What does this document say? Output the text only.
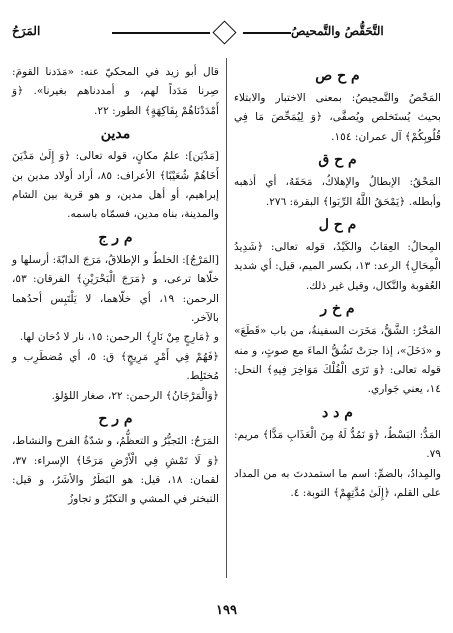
التَّحَقُّصُ والتَّمحيصُ
المَرَحُ
م ح ص

المَحْصُ والتَّمحِيصُ: بمعنى الاختبار والابتلاء بحيث يُستَخلص ويُصفَّى، ﴿وَ لِيُمَحِّصَ مَا فِي قُلُوبِكُمْ﴾ آل عمران: ١٥٤.

م ح ق

المَحْقُ: الإبطالُ والإهلاكُ، مَحَقَهُ، أي أذهبه وأبطله. ﴿يَمْحَقُ اللَّهُ الرِّبَوا﴾ البقرة: ٢٧٦.

م ح ل

المِحالُ: العِقابُ والكَيْدُ، قوله تعالى: ﴿شَدِيدُ الْمِحَالِ﴾ الرعد: ١٣، بكسر الميم، قيل: أي شديد العُقوبة والنَّكال، وقيل غير ذلك.

م خ ر

المَخْرُ: الشَّقُّ، مَخَرَت السفينةُ، من باب «قَطَعَ» و «دَخَلَ»، إذا جرَتْ تَشُقُّ الماءَ مع صوتٍ، و منه قوله تعالى: ﴿وَ تَرَى الْفُلْكَ مَوَاخِرَ فِيهِ﴾ النحل: ١٤، يعني جَواري.

م د د

المَدُّ: البَسْطُ، ﴿وَ نَمُدُّ لَهُ مِنَ الْعَذَابِ مَدًّا﴾ مريم: ٧٩.

والمِدادُ، بالضمِّ: اسم ما استمددتَ به من المداد على القلم، ﴿إِلَىٰ مُدَّتِهِمْ﴾ التوبة: ٤.

قال أبو زيد في المحكيّ عنه: «مَدَدنا القومَ: صِرنا مَدَداً لهم، و أمددناهم بغيرنا». ﴿وَ أَمْدَدْنَاهُمْ بِفَاكِهَةٍ﴾ الطور: ٢٢.

مدين

[مَدْيَن]: علمُ مكانٍ، قوله تعالى: ﴿وَ إِلَىٰ مَدْيَنَ أَخَاهُمْ شُعَيْبًا﴾ الأعراف: ٨٥، أراد أولاد مدين بن إبراهيم، أو أهل مدين، و هو قرية بين الشام والمدينة، بناه مدين، فسمّاه باسمه.

م ر ج

[المَرْجُ]: الخلطُ و الإطلاقُ، مَرَجَ الدابّةَ: أرسلها و خلّاها ترعى، و ﴿مَرَجَ الْبَحْرَيْنِ﴾ الفرقان: ٥٣، الرحمن: ١٩، أي خلّاهما، لا يَلْتَبِس أحدُهما بالآخر.

و ﴿مَارِجٍ مِنْ نَارٍ﴾ الرحمن: ١٥، نار لا دُخان لها.

﴿فَهُمْ فِي أَمْرٍ مَرِيجٍ﴾ ق: ٥، أي مُضطَرِب و مُختَلِط.

﴿وَالْمَرْجَانُ﴾ الرحمن: ٢٢، صغار اللؤلؤ.

م ر ح

المَرَحُ: التَجبُّرُ و التعظُّمُ، و شدّةُ الفرح والنشاط، ﴿وَ لَا تَمْشِ فِي الْأَرْضِ مَرَحًا﴾ الإسراء: ٣٧، لقمان: ١٨، قيل: هو البَطَرُ والأشَرُ، و قيل: التبختر في المشي و التكبّرُ و تجاوزُ

١٩٩
